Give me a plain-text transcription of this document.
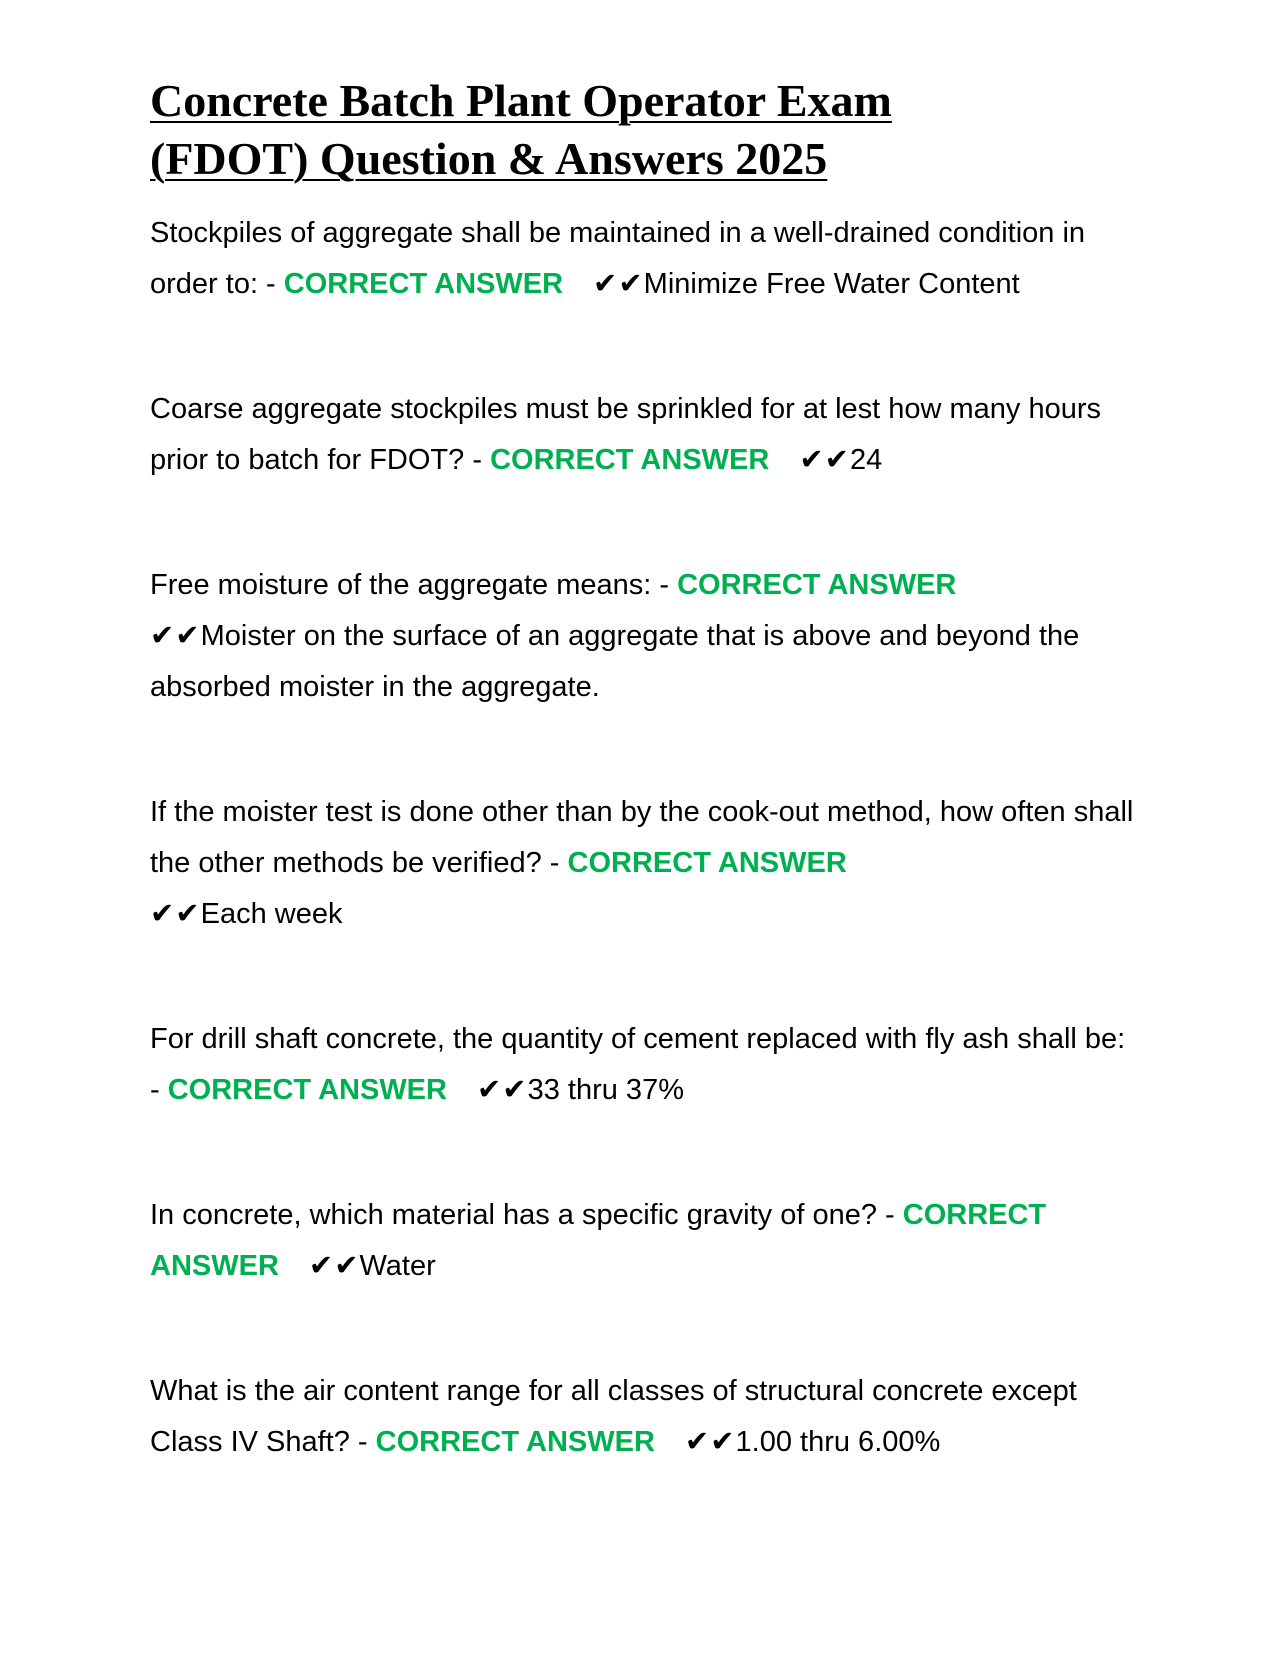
Concrete Batch Plant Operator Exam
(FDOT) Question & Answers 2025

Stockpiles of aggregate shall be maintained in a well-drained condition in order to: - CORRECT ANSWER ✔✔Minimize Free Water Content

Coarse aggregate stockpiles must be sprinkled for at lest how many hours prior to batch for FDOT? - CORRECT ANSWER ✔✔24

Free moisture of the aggregate means: - CORRECT ANSWER
✔✔Moister on the surface of an aggregate that is above and beyond the absorbed moister in the aggregate.

If the moister test is done other than by the cook-out method, how often shall the other methods be verified? - CORRECT ANSWER
✔✔Each week

For drill shaft concrete, the quantity of cement replaced with fly ash shall be: - CORRECT ANSWER ✔✔33 thru 37%

In concrete, which material has a specific gravity of one? - CORRECT ANSWER ✔✔Water

What is the air content range for all classes of structural concrete except Class IV Shaft? - CORRECT ANSWER ✔✔1.00 thru 6.00%
